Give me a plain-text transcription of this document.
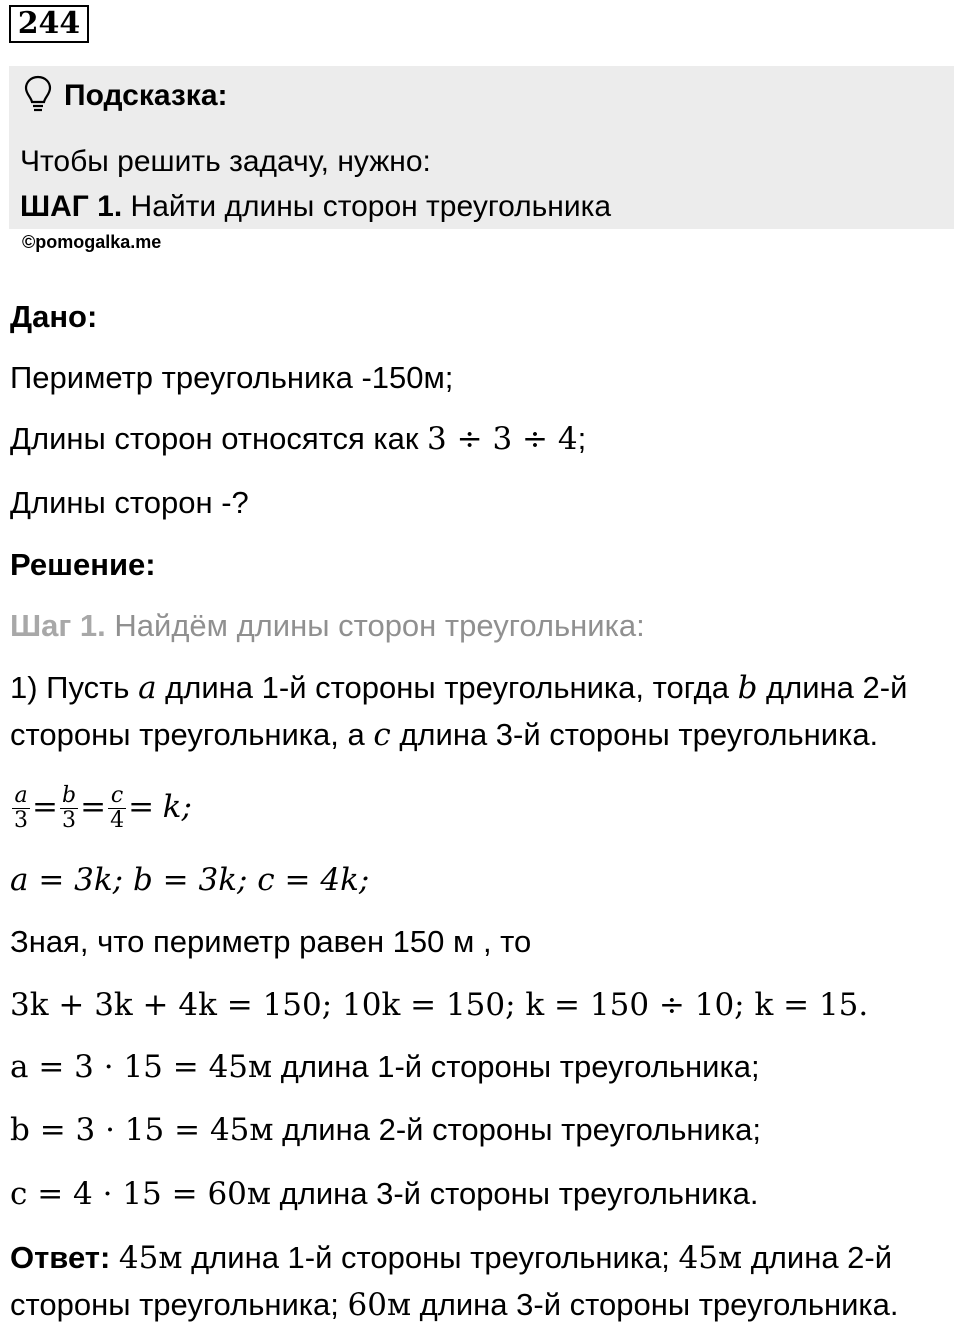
244
Подсказка:
Чтобы решить задачу, нужно:
ШАГ 1. Найти длины сторон треугольника
©pomogalka.me
Дано:
Периметр треугольника -150м;
Длины сторон относятся как 3 ÷ 3 ÷ 4;
Длины сторон -?
Решение:
Шаг 1. Найдём длины сторон треугольника:
1) Пусть a длина 1-й стороны треугольника, тогда b длина 2-й
стороны треугольника, а c длина 3-й стороны треугольника.
$\frac{a}{3} = \frac{b}{3} = \frac{c}{4} = k$;
a = 3k; b = 3k; c = 4k;
Зная, что периметр равен 150 м , то
3k + 3k + 4k = 150; 10k = 150; k = 150 ÷ 10; k = 15.
a = 3 · 15 = 45м длина 1-й стороны треугольника;
b = 3 · 15 = 45м длина 2-й стороны треугольника;
c = 4 · 15 = 60м длина 3-й стороны треугольника.
Ответ: 45м длина 1-й стороны треугольника; 45м длина 2-й
стороны треугольника; 60м длина 3-й стороны треугольника.
